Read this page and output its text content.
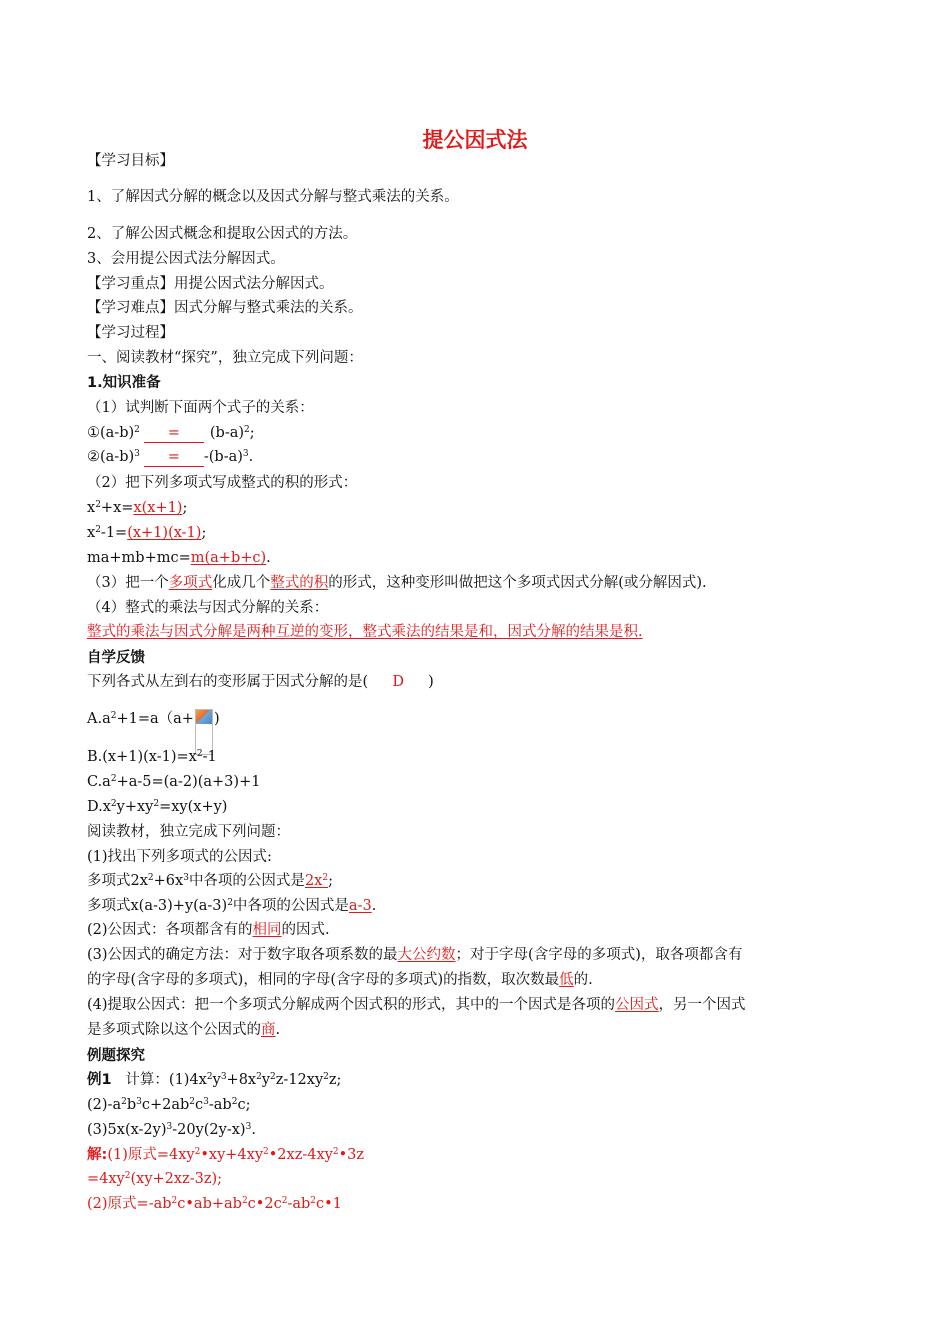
提公因式法
【学习目标】
1、了解因式分解的概念以及因式分解与整式乘法的关系。
2、了解公因式概念和提取公因式的方法。
3、会用提公因式法分解因式。
【学习重点】用提公因式法分解因式。
【学习难点】因式分解与整式乘法的关系。
【学习过程】
一、阅读教材“探究”，独立完成下列问题：
1.知识准备
（1）试判断下面两个式子的关系：
$①(a-b)^2 = (b-a)^2$;
$②(a-b)^3 = -(b-a)^3$.
（2）把下列多项式写成整式的积的形式：
$x^2+x=x(x+1)$;
$x^2-1=(x+1)(x-1)$;
ma+mb+mc=m(a+b+c).
（3）把一个多项式化成几个整式的积的形式，这种变形叫做把这个多项式因式分解(或分解因式).
（4）整式的乘法与因式分解的关系：
整式的乘法与因式分解是两种互逆的变形，整式乘法的结果是和，因式分解的结果是积.
自学反馈
下列各式从左到右的变形属于因式分解的是( D )
$A.a^2+1=a(a+$ )
$B.(x+1)(x-1)=x^2-1$
$C.a^2+a-5=(a-2)(a+3)+1$
$D.x^2y+xy^2=xy(x+y)$
阅读教材，独立完成下列问题：
(1)找出下列多项式的公因式:
多项式$2x^2+6x^3$中各项的公因式是$2x^2$;
多项式$x(a-3)+y(a-3)^2$中各项的公因式是a-3.
(2)公因式：各项都含有的相同的因式.
(3)公因式的确定方法：对于数字取各项系数的最大公约数；对于字母(含字母的多项式)，取各项都含有
的字母(含字母的多项式)，相同的字母(含字母的多项式)的指数，取次数最低的.
(4)提取公因式：把一个多项式分解成两个因式积的形式，其中的一个因式是各项的公因式，另一个因式
是多项式除以这个公因式的商.
例题探究
例1 计算：$(1)4x^2y^3+8x^2y^2z-12xy^2z$;
$(2)-a^2b^3c+2ab^2c^3-ab^2c$;
$(3)5x(x-2y)^3-20y(2y-x)^3$.
解:(1)原式$=4xy^2•xy+4xy^2•2xz-4xy^2•3z$
$=4xy^2(xy+2xz-3z)$;
(2)原式$=-ab^2c•ab+ab^2c•2c^2-ab^2c•1$
